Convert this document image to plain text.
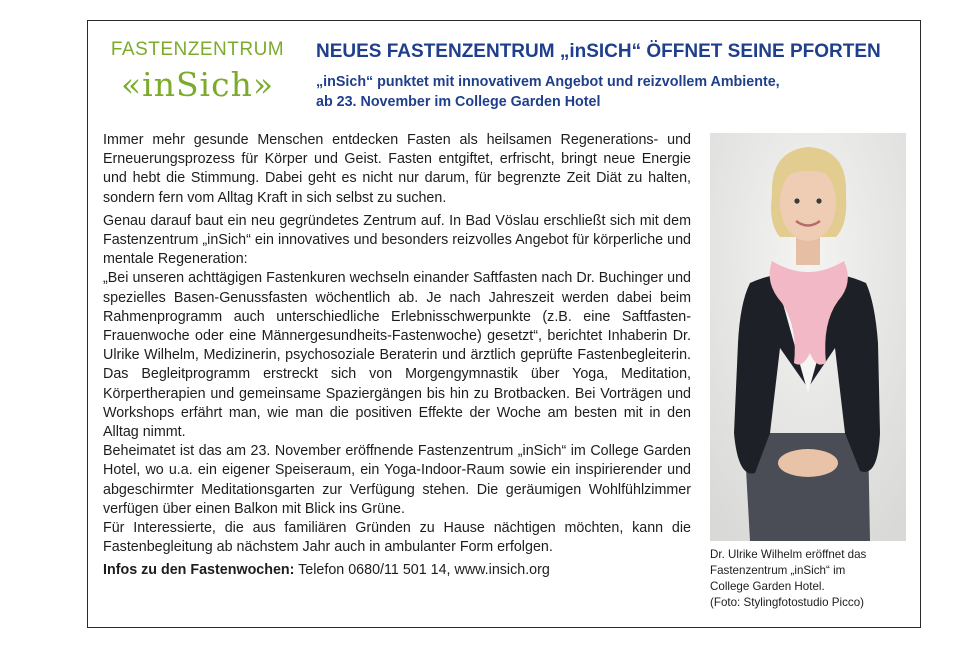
FASTENZENTRUM
«inSich»
NEUES FASTENZENTRUM „inSICH“ ÖFFNET SEINE PFORTEN
„inSich“ punktet mit innovativem Angebot und reizvollem Ambiente,
ab 23. November im College Garden Hotel

Immer mehr gesunde Menschen entdecken Fasten als heilsamen Regenerations- und Erneuerungsprozess für Körper und Geist. Fasten entgiftet, erfrischt, bringt neue Energie und hebt die Stimmung. Dabei geht es nicht nur darum, für begrenzte Zeit Diät zu halten, sondern fern vom Alltag Kraft in sich selbst zu suchen.

Genau darauf baut ein neu gegründetes Zentrum auf. In Bad Vöslau erschließt sich mit dem Fastenzentrum „inSich“ ein innovatives und besonders reizvolles Angebot für körperliche und mentale Regeneration:

„Bei unseren achttägigen Fastenkuren wechseln einander Saftfasten nach Dr. Buchinger und spezielles Basen-Genussfasten wöchentlich ab. Je nach Jahreszeit werden dabei beim Rahmenprogramm auch unterschiedliche Erlebnisschwerpunkte (z.B. eine Saftfasten-Frauenwoche oder eine Männergesundheits-Fastenwoche) gesetzt“, berichtet Inhaberin Dr. Ulrike Wilhelm, Medizinerin, psychosoziale Beraterin und ärztlich geprüfte Fastenbegleiterin. Das Begleitprogramm erstreckt sich von Morgengymnastik über Yoga, Meditation, Körpertherapien und gemeinsame Spaziergängen bis hin zu Brotbacken. Bei Vorträgen und Workshops erfährt man, wie man die positiven Effekte der Woche am besten mit in den Alltag nimmt.

Beheimatet ist das am 23. November eröffnende Fastenzentrum „inSich“ im College Garden Hotel, wo u.a. ein eigener Speiseraum, ein Yoga-Indoor-Raum sowie ein inspirierender und abgeschirmter Meditationsgarten zur Verfügung stehen. Die geräumigen Wohlfühlzimmer verfügen über einen Balkon mit Blick ins Grüne.

Für Interessierte, die aus familiären Gründen zu Hause nächtigen möchten, kann die Fastenbegleitung ab nächstem Jahr auch in ambulanter Form erfolgen.

Infos zu den Fastenwochen: Telefon 0680/11 501 14, www.insich.org

Dr. Ulrike Wilhelm eröffnet das
Fastenzentrum „inSich“ im
College Garden Hotel.
(Foto: Stylingfotostudio Picco)
